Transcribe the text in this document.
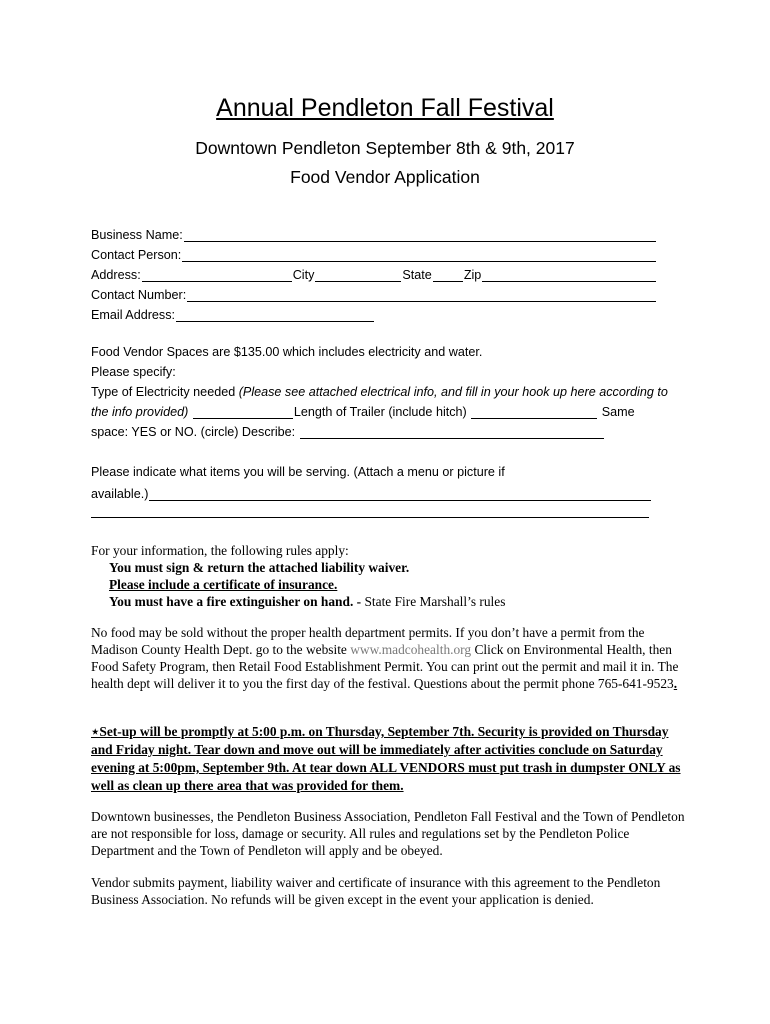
Annual Pendleton Fall Festival
Downtown Pendleton September 8th & 9th, 2017
Food Vendor Application
Business Name:
Contact Person:
Address:	City	State	Zip
Contact Number:
Email Address:
Food Vendor Spaces are $135.00 which includes electricity and water.
Please specify:
Type of Electricity needed (Please see attached electrical info, and fill in your hook up here according to
the info provided)	Length of Trailer (include hitch)	Same
space: YES or NO. (circle) Describe:
Please indicate what items you will be serving. (Attach a menu or picture if
available.)
For your information, the following rules apply:
You must sign & return the attached liability waiver.
Please include a certificate of insurance.
You must have a fire extinguisher on hand. - State Fire Marshall’s rules
No food may be sold without the proper health department permits. If you don’t have a permit from the Madison County Health Dept. go to the website www.madcohealth.org Click on Environmental Health, then Food Safety Program, then Retail Food Establishment Permit. You can print out the permit and mail it in. The health dept will deliver it to you the first day of the festival. Questions about the permit phone 765-641-9523.
⋆Set-up will be promptly at 5:00 p.m. on Thursday, September 7th. Security is provided on Thursday and Friday night. Tear down and move out will be immediately after activities conclude on Saturday evening at 5:00pm, September 9th. At tear down ALL VENDORS must put trash in dumpster ONLY as well as clean up there area that was provided for them.
Downtown businesses, the Pendleton Business Association, Pendleton Fall Festival and the Town of Pendleton are not responsible for loss, damage or security. All rules and regulations set by the Pendleton Police Department and the Town of Pendleton will apply and be obeyed.
Vendor submits payment, liability waiver and certificate of insurance with this agreement to the Pendleton Business Association. No refunds will be given except in the event your application is denied.
